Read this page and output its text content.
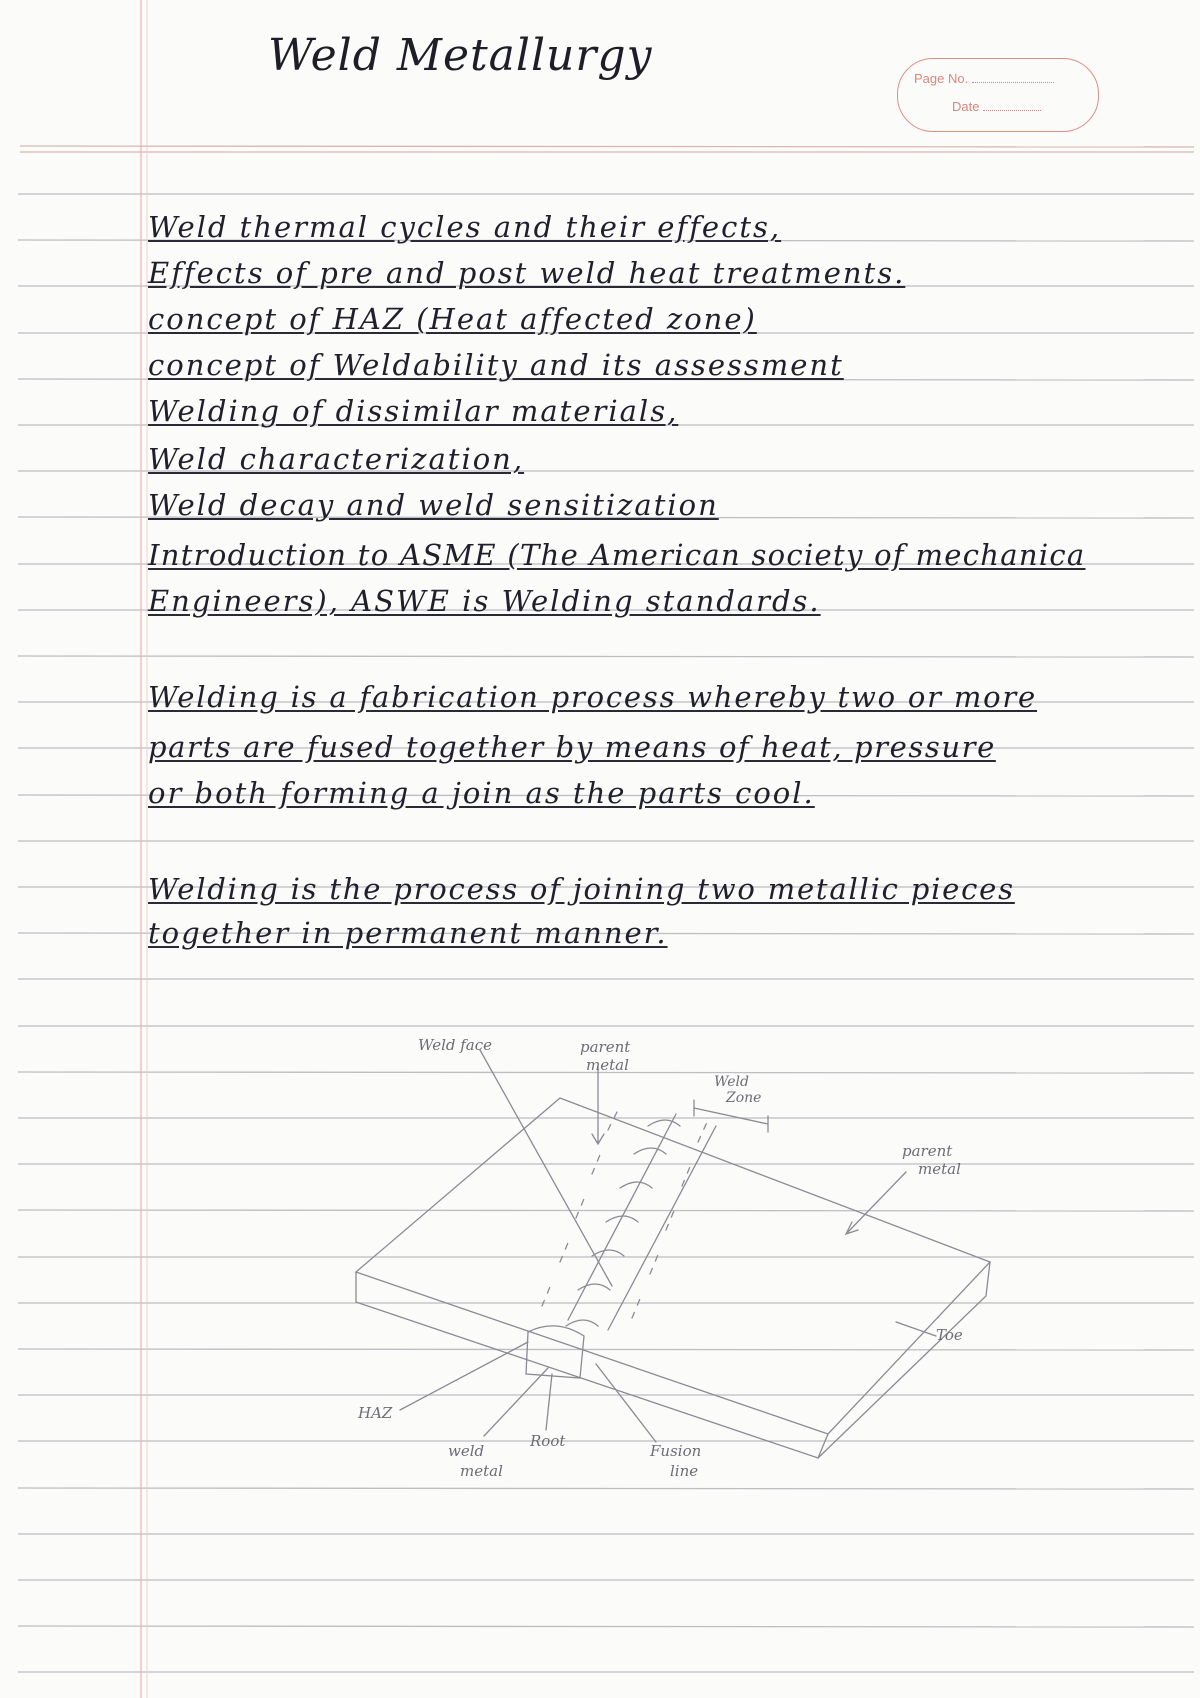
Weld Metallurgy	Page No.
Date

Weld thermal cycles and their effects,

Effects of pre and post weld heat treatments.

concept of HAZ (Heat affected zone)

concept of Weldability and its assessment

Welding of dissimilar materials,

Weld characterization,

Weld decay and weld sensitization

Introduction to ASME (The American society of mechanica

Engineers), ASWE is Welding standards.

Welding is a fabrication process whereby two or more

parts are fused together by means of heat, pressure

or both forming a join as the parts cool.

Welding is the process of joining two metallic pieces

together in permanent manner.

Weld face	parent
metal
Weld
Zone
parent
metal
Toe
HAZ
weld
metal
Root
Fusion
line
